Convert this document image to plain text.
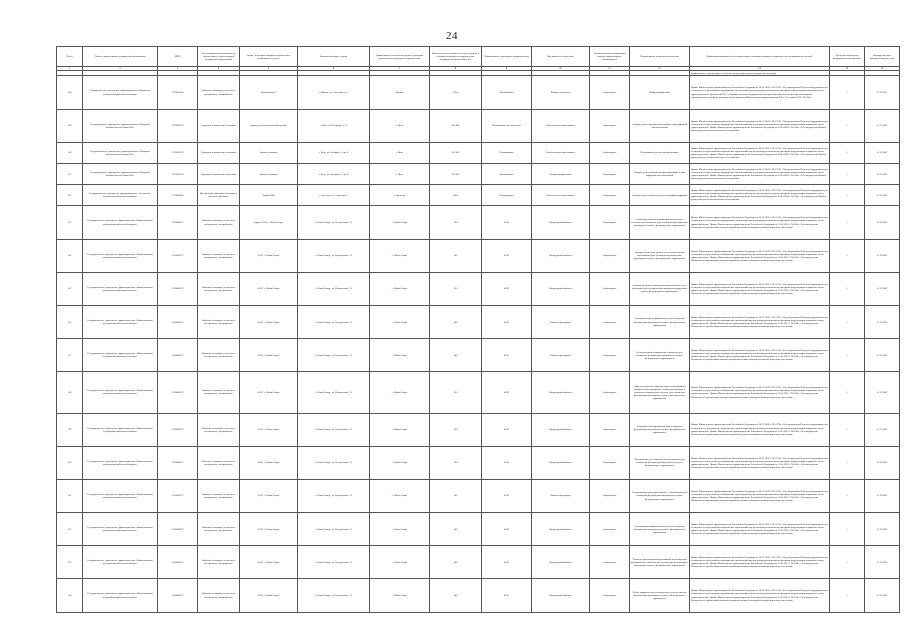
24
№ п/п	Полное наименование медицинской организации	ИНН	Тип медицинской организации в соответствии с номенклатурой медицинских организаций	Здание, в котором планируется разместить медицинское изделие	Фактический адрес здания	Наименование населенного пункта, в котором расположено структурное подразделение	Численность населения населенного пункта, в котором расположено подразделение медицинской организации, чел	Наименование структурного подразделения	Вид кабинета (отделения)	Условия оказания медицинской помощи (амбулаторные/стационарные)	Наименование медицинского изделия	Нормативно-правовой акт, в соответствии с которым планируется приобретение медицинского изделия*	Требуемое количество медицинских изделий (шт.)	Планируемая дата приобретения (мм, год)
1	2	3	4	5	6	7	8	9	10	11	12	13	14	15
												профилактики, учреждений (в том числе подстанций скорой медицинской помощи)		
108	Государственное учреждение здравоохранения «Карымская центральная районная больница»	7519001038	Районные больницы, в том числе центральные, межрайонные	Поликлиника 1	г. Карым, ул. Советская, д. 2	Карым	12345	Поликлиника	Кабинет-терапевта	Амбулаторно	Шкаф медицинский	Приказ Министерства здравоохранения Российской Федерации от 28.12.2020 г. № 1379н «Об утверждении Перечня оборудования для оснащения и переоснащения медицинских организаций при реализации региональных программ модернизации первичного звена здравоохранения» Приложение № 3 к Порядку оказания медицинской помощи взрослому населению при заболеваниях терапевтического профиля, утвержденному приказом Министерства здравоохранения РФ от 15 ноября 2012 г. № 923н	1	31.12.2021
109	Государственное учреждение здравоохранения «Городская клиническая больница №2»	7537000762	Городские клинические больницы	здание рентгенологической службы	г. Чита, ул. Нагорная, д. 22	г. Чита	351 000	Поликлиническое отделение	Рентгенологический кабинет	Амбулаторно	Аппарат рентгеновский маммографический цифровой или аналоговый	Приказ Министерства здравоохранения Российской Федерации от 28.12.2020 г. № 1379н «Об утверждении Перечня оборудования для оснащения и переоснащения медицинских организаций при реализации региональных программ модернизации первичного звена здравоохранения» Приказ Министерства здравоохранения Российской Федерации от 09.06.2020 г. № 560н «Об утверждении Правил проведения рентгенологических исследований»	1	31.12.2022
110	Государственное учреждение здравоохранения «Городская клиническая больница №1»	7537000763	Городские клинические больницы	Здание больницы	г. Чита, ул. Гагарина, 2 стр. 8	г. Чита	351 000	Поликлиника	Рентгенологический кабинет	Амбулаторно	Передвижной рентгеновский аппарат	Приказ Министерства здравоохранения Российской Федерации от 28.12.2020 г. № 1379н «Об утверждении Перечня оборудования для оснащения и переоснащения медицинских организаций при реализации региональных программ модернизации первичного звена здравоохранения» Приказ Министерства здравоохранения Российской Федерации от 09.06.2020 г. № 560н «Об утверждении Правил проведения рентгенологических исследований»	1	31.12.2021
111	Государственное учреждение здравоохранения «Городская клиническая больница №2»	7537000763	Городские клинические больницы	Здание больницы	г. Чита, ул. Гагарина, 2 стр. 8	г. Чита	351 000	Поликлиника	Флюорографический	Амбулаторно	Аппарат рентгеновский для флюорографии легких цифровой или аналоговый	Приказ Министерства здравоохранения Российской Федерации от 28.12.2020 г. № 1379н «Об утверждении Перечня оборудования для оснащения и переоснащения медицинских организаций при реализации региональных программ модернизации первичного звена здравоохранения» Приказ Министерства здравоохранения Российской Федерации от 09.06.2020 г. № 560н «Об утверждении Правил проведения рентгенологических исследований»	1	31.12.2021
112	Государственное учреждение здравоохранения «Сретенская центральная районная больница»	7519000900	Центральные районные больницы, в том числе районные	Здание ЦРБ	г. Сретенск, ул. Советская, 2	г. Сретенск	7000	Поликлиника	Рентгенологический кабинет	Амбулаторно	Аппарат рентгеновский для рентгенографии цифровой	Приказ Министерства здравоохранения Российской Федерации от 28.12.2020 г. № 1379н «Об утверждении Перечня оборудования для оснащения и переоснащения медицинских организаций при реализации региональных программ модернизации первичного звена здравоохранения» Приказ Министерства здравоохранения Российской Федерации от 09.06.2020 г. № 560н «Об утверждении Правил проведения рентгенологических исследований»	1	31.12.2022
113	Государственное учреждение здравоохранения «Нижнеоловская центральная районная больница»	7520000673	Районные больницы, в том числе центральные, межрайонные	Здание ФАП с. Нижн-Оляро	с. Нижн-Оляро, ул. Центральная, 31	с. Нижн-Оляро	100	ФАП	Процедурный кабинет	Амбулаторно	Анализатор глюкозы в крови при постоянном и точечном использовании (для оснащения фельдшерско-акушерского пункта, фельдшерского здравпункта)	Приказ Министерства здравоохранения Российской Федерации от 28.12.2020 г. № 1379н «Об утверждении Перечня оборудования для оснащения и переоснащения медицинских организаций при реализации региональных программ модернизации первичного звена здравоохранения» Приказ Министерства здравоохранения Российской Федерации от 15.05.2012 г. № 543н «Об утверждении Положения об организации оказания первичной медико-санитарной помощи взрослому населению»	1	31.12.2022
114	Государственное учреждение здравоохранения «Нижнеоловская центральная районная больница»	7520000673	Районные больницы, в том числе центральные, межрайонные	ФАП, с. Нижн-Оляро	с. Нижн-Оляро, ул. Центральная, 31	с. Нижн-Оляро	100	ФАП	Процедурный кабинет	Амбулаторно	Аппарат-анализатор уровня холестерина в крови портативный (для оснащения фельдшерско-акушерского пункта, фельдшерского здравпункта)	Приказ Министерства здравоохранения Российской Федерации от 28.12.2020 г. № 1379н «Об утверждении Перечня оборудования для оснащения и переоснащения медицинских организаций при реализации региональных программ модернизации первичного звена здравоохранения» Приказ Министерства здравоохранения Российской Федерации от 15.05.2012 г. № 543н «Об утверждении Положения об организации оказания первичной медико-санитарной помощи взрослому населению»	1	31.12.2022
115	Государственное учреждение здравоохранения «Нижнеоловская центральная районная больница»	7520000673	Районные больницы, в том числе центральные, межрайонные	ФАП, с. Нижн-Оляро	с. Нижн-Оляро, ул. Центральная, 31	с. Нижн-Оляро	100	ФАП	Процедурный кабинет	Амбулаторно	Анализатор уровня сахара крови портативный с тест-полосками (для оснащения фельдшерско-акушерского пункта, фельдшерского здравпункта)	Приказ Министерства здравоохранения Российской Федерации от 28.12.2020 г. № 1379н «Об утверждении Перечня оборудования для оснащения и переоснащения медицинских организаций при реализации региональных программ модернизации первичного звена здравоохранения» Приказ Министерства здравоохранения Российской Федерации от 15.05.2012 г. № 543н «Об утверждении Положения об организации оказания первичной медико-санитарной помощи взрослому населению»	1	31.12.2022
116	Государственное учреждение здравоохранения «Нижнеоловская центральная районная больница»	7520000673	Районные больницы, в том числе центральные, межрайонные	ФАП, с. Нижн-Оляро	с. Нижн-Оляро, ул. Центральная, 31	с. Нижн-Оляро	100	ФАП	Кабинет фельдшера	Амбулаторно	Автоматический дефибриллятор (для оснащения фельдшерско-акушерского пункта, фельдшерского здравпункта)	Приказ Министерства здравоохранения Российской Федерации от 28.12.2020 г. № 1379н «Об утверждении Перечня оборудования для оснащения и переоснащения медицинских организаций при реализации региональных программ модернизации первичного звена здравоохранения» Приказ Министерства здравоохранения Российской Федерации от 15.05.2012 г. № 543н «Об утверждении Положения об организации оказания первичной медико-санитарной помощи взрослому населению»	1	31.12.2022
117	Государственное учреждение здравоохранения «Нижнеоловская центральная районная больница»	7520000673	Районные больницы, в том числе центральные, межрайонные	ФАП, с. Нижн-Оляро	с. Нижн-Оляро, ул. Центральная, 31	с. Нижн-Оляро	100	ФАП	Кабинет фельдшера	Амбулаторно	Бесконтактный медицинский термометр (для оснащения фельдшерско-акушерского пункта, фельдшерского здравпункта)	Приказ Министерства здравоохранения Российской Федерации от 28.12.2020 г. № 1379н «Об утверждении Перечня оборудования для оснащения и переоснащения медицинских организаций при реализации региональных программ модернизации первичного звена здравоохранения» Приказ Министерства здравоохранения Российской Федерации от 15.05.2012 г. № 543н «Об утверждении Положения об организации оказания первичной медико-санитарной помощи взрослому населению»	1	31.12.2022
118	Государственное учреждение здравоохранения «Нижнеоловская центральная районная больница»	7520000673	Районные больницы, в том числе центральные, межрайонные	ФАП, с. Нижн-Оляро	с. Нижн-Оляро, ул. Центральная, 31	с. Нижн-Оляро	100	ФАП	Процедурный кабинет	Амбулаторно	Сейф для хранения наркотических и психотропных лекарственных препаратов, сильнодействующих и ядовитых лекарственных средств (для оснащения фельдшерско-акушерского пункта, фельдшерского здравпункта)	Приказ Министерства здравоохранения Российской Федерации от 28.12.2020 г. № 1379н «Об утверждении Перечня оборудования для оснащения и переоснащения медицинских организаций при реализации региональных программ модернизации первичного звена здравоохранения» Приказ Министерства здравоохранения Российской Федерации от 15.05.2012 г. № 543н «Об утверждении Положения об организации оказания первичной медико-санитарной помощи взрослому населению»	1	31.12.2022
119	Государственное учреждение здравоохранения «Нижнеоловская центральная районная больница»	7520000673	Районные больницы, в том числе центральные, межрайонные	ФАП, с. Нижн-Оляро	с. Нижн-Оляро, ул. Центральная, 31	с. Нижн-Оляро	100	ФАП	Процедурный кабинет	Амбулаторно	Облучатель бактерицидный (для оснащения фельдшерско-акушерского пункта, фельдшерского здравпункта)	Приказ Министерства здравоохранения Российской Федерации от 28.12.2020 г. № 1379н «Об утверждении Перечня оборудования для оснащения и переоснащения медицинских организаций при реализации региональных программ модернизации первичного звена здравоохранения» Приказ Министерства здравоохранения Российской Федерации от 15.05.2012 г. № 543н «Об утверждении Положения об организации оказания первичной медико-санитарной помощи взрослому населению»	1	31.12.2022
120	Государственное учреждение здравоохранения «Нижнеоловская центральная районная больница»	7520000673	Районные больницы, в том числе центральные, межрайонные	ФАП, с. Нижн-Оляро	с. Нижн-Оляро, ул. Центральная, 31	с. Нижн-Оляро	100	ФАП	Процедурный кабинет	Амбулаторно	Холодильник для лекарственных препаратов (для оснащения фельдшерско-акушерского пункта, фельдшерского здравпункта)	Приказ Министерства здравоохранения Российской Федерации от 28.12.2020 г. № 1379н «Об утверждении Перечня оборудования для оснащения и переоснащения медицинских организаций при реализации региональных программ модернизации первичного звена здравоохранения» Приказ Министерства здравоохранения Российской Федерации от 15.05.2012 г. № 543н «Об утверждении Положения об организации оказания первичной медико-санитарной помощи взрослому населению»	1	31.12.2022
121	Государственное учреждение здравоохранения «Нижнеоловская центральная районная больница»	7520000673	Районные больницы, в том числе центральные, межрайонные	ФАП, с. Нижн-Оляро	с. Нижн-Оляро, ул. Центральная, 31	с. Нижн-Оляро	100	ФАП	Кабинет фельдшера	Амбулаторно	Электрокардиограф портативный 3-, 6-канальный (для оснащения фельдшерско-акушерского пункта, фельдшерского здравпункта)	Приказ Министерства здравоохранения Российской Федерации от 28.12.2020 г. № 1379н «Об утверждении Перечня оборудования для оснащения и переоснащения медицинских организаций при реализации региональных программ модернизации первичного звена здравоохранения» Приказ Министерства здравоохранения Российской Федерации от 15.05.2012 г. № 543н «Об утверждении Положения об организации оказания первичной медико-санитарной помощи взрослому населению»	1	31.12.2022
122	Государственное учреждение здравоохранения «Нижнеоловская центральная районная больница»	7520000673	Районные больницы, в том числе центральные, межрайонные	ФАП, с. Нижн-Оляро	с. Нижн-Оляро, ул. Центральная, 31	с. Нижн-Оляро	100	ФАП	Процедурный кабинет	Амбулаторно	Сухожаровой шкаф или автоклав (для оснащения фельдшерско-акушерского пункта, фельдшерского здравпункта)	Приказ Министерства здравоохранения Российской Федерации от 28.12.2020 г. № 1379н «Об утверждении Перечня оборудования для оснащения и переоснащения медицинских организаций при реализации региональных программ модернизации первичного звена здравоохранения» Приказ Министерства здравоохранения Российской Федерации от 15.05.2012 г. № 543н «Об утверждении Положения об организации оказания первичной медико-санитарной помощи взрослому населению»	1	31.12.2022
123	Государственное учреждение здравоохранения «Нижнеоловская центральная районная больница»	7520000673	Районные больницы, в том числе центральные, межрайонные	ФАП, с. Нижн-Оляро	с. Нижн-Оляро, ул. Центральная, 31	с. Нижн-Оляро	100	ФАП	Процедурный кабинет	Амбулаторно	Тонометр транспортный портативный для измерения внутриглазного давления (для оснащения фельдшерско-акушерского пункта, фельдшерского здравпункта)	Приказ Министерства здравоохранения Российской Федерации от 28.12.2020 г. № 1379н «Об утверждении Перечня оборудования для оснащения и переоснащения медицинских организаций при реализации региональных программ модернизации первичного звена здравоохранения» Приказ Министерства здравоохранения Российской Федерации от 15.05.2012 г. № 543н «Об утверждении Положения об организации оказания первичной медико-санитарной помощи взрослому населению»	1	31.12.2022
124	Государственное учреждение здравоохранения «Нижнеоловская центральная районная больница»	7520000673	Районные больницы, в том числе центральные, межрайонные	ФАП, с. Нижн-Оляро	с. Нижн-Оляро, ул. Центральная, 31	с. Нижн-Оляро	100	ФАП	Процедурный кабинет	Амбулаторно	Набор хирургических инструментов (для оснащения фельдшерско-акушерского пункта, фельдшерского здравпункта)	Приказ Министерства здравоохранения Российской Федерации от 28.12.2020 г. № 1379н «Об утверждении Перечня оборудования для оснащения и переоснащения медицинских организаций при реализации региональных программ модернизации первичного звена здравоохранения» Приказ Министерства здравоохранения Российской Федерации от 15.05.2012 г. № 543н «Об утверждении Положения об организации оказания первичной медико-санитарной помощи взрослому населению»	1	31.12.2022
